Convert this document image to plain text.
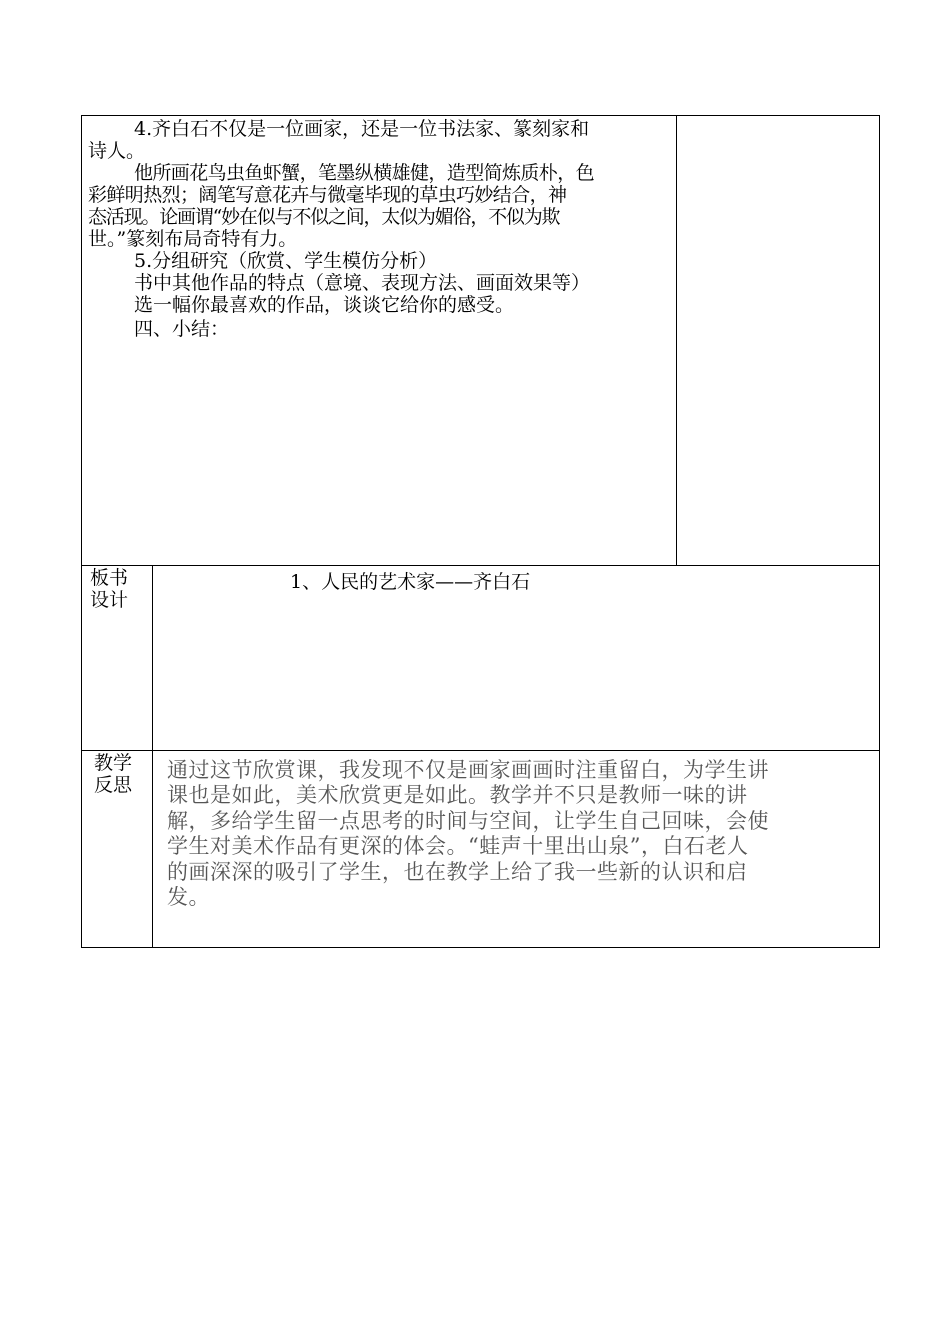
4.齐白石不仅是一位画家，还是一位书法家、篆刻家和
诗人。
他所画花鸟虫鱼虾蟹，笔墨纵横雄健，造型简炼质朴，色
彩鲜明热烈；阔笔写意花卉与微毫毕现的草虫巧妙结合，神
态活现。论画谓“妙在似与不似之间，太似为媚俗，不似为欺
世。”篆刻布局奇特有力。
5.分组研究（欣赏、学生模仿分析）
书中其他作品的特点（意境、表现方法、画面效果等）
选一幅你最喜欢的作品，谈谈它给你的感受。
四、小结：
板书
设计
1、人民的艺术家——齐白石
教学
反思
通过这节欣赏课，我发现不仅是画家画画时注重留白，为学生讲
课也是如此，美术欣赏更是如此。教学并不只是教师一味的讲
解，多给学生留一点思考的时间与空间，让学生自己回味，会使
学生对美术作品有更深的体会。“蛙声十里出山泉”，白石老人
的画深深的吸引了学生，也在教学上给了我一些新的认识和启
发。
